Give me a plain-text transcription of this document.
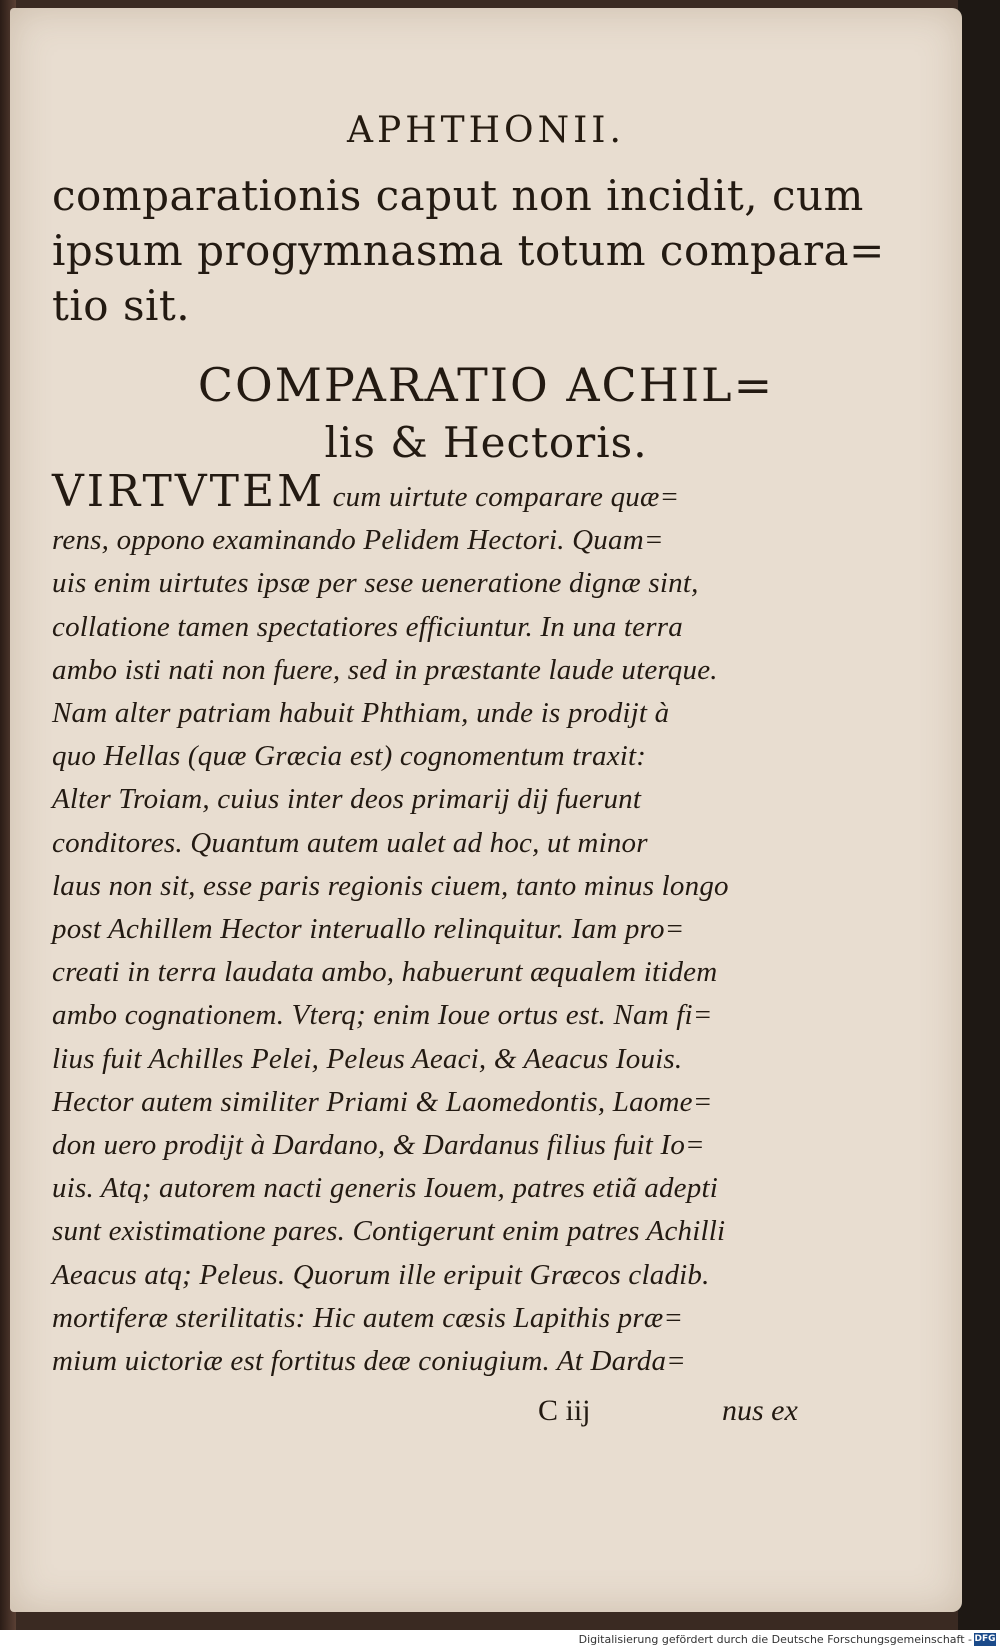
APHTHONII.
comparationis caput non incidit, cum
ipsum progymnasma totum compara=
tio sit.
COMPARATIO ACHIL=
lis & Hectoris.
VIRTVTEM cum uirtute comparare quæ=
rens, oppono examinando Pelidem Hectori. Quam=
uis enim uirtutes ipsæ per sese ueneratione dignæ sint,
collatione tamen spectatiores efficiuntur. In una terra
ambo isti nati non fuere, sed in præstante laude uterque.
Nam alter patriam habuit Phthiam, unde is prodijt à
quo Hellas (quæ Græcia est) cognomentum traxit:
Alter Troiam, cuius inter deos primarij dij fuerunt
conditores. Quantum autem ualet ad hoc, ut minor
laus non sit, esse paris regionis ciuem, tanto minus longo
post Achillem Hector interuallo relinquitur. Iam pro=
creati in terra laudata ambo, habuerunt æqualem itidem
ambo cognationem. Vterq; enim Ioue ortus est. Nam fi=
lius fuit Achilles Pelei, Peleus Aeaci, & Aeacus Iouis.
Hector autem similiter Priami & Laomedontis, Laome=
don uero prodijt à Dardano, & Dardanus filius fuit Io=
uis. Atq; autorem nacti generis Iouem, patres etiã adepti
sunt existimatione pares. Contigerunt enim patres Achilli
Aeacus atq; Peleus. Quorum ille eripuit Græcos cladib.
mortiferæ sterilitatis: Hic autem cæsis Lapithis præ=
mium uictoriæ est fortitus deæ coniugium. At Darda=
C iij	nus ex
Digitalisierung gefördert durch die Deutsche Forschungsgemeinschaft - DFG
